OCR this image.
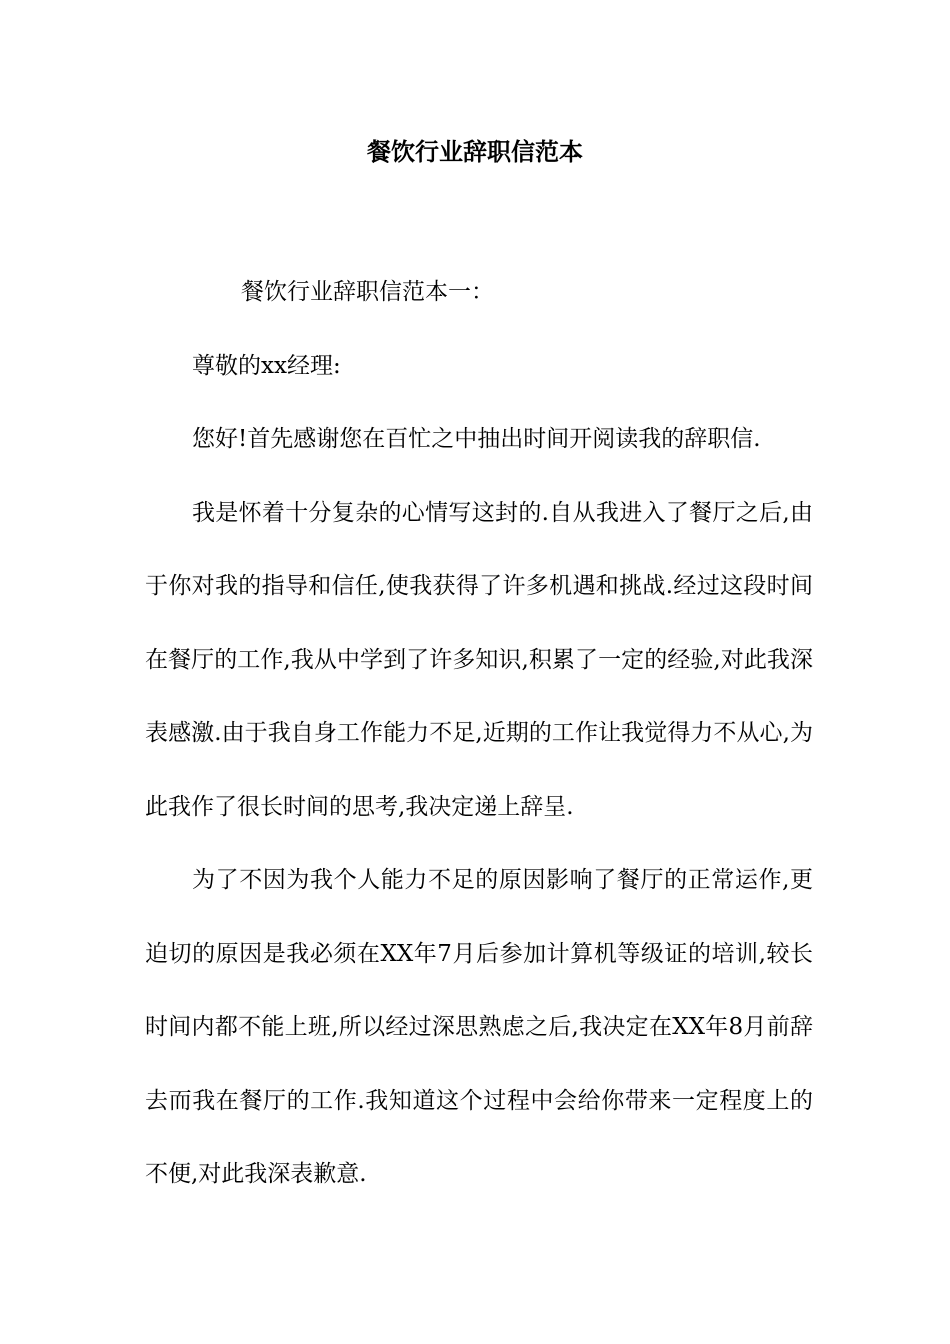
餐饮行业辞职信范本

餐饮行业辞职信范本一：

尊敬的xx经理:

您好!首先感谢您在百忙之中抽出时间开阅读我的辞职信.

我是怀着十分复杂的心情写这封的.自从我进入了餐厅之后,由于你对我的指导和信任,使我获得了许多机遇和挑战.经过这段时间在餐厅的工作,我从中学到了许多知识,积累了一定的经验,对此我深表感激.由于我自身工作能力不足,近期的工作让我觉得力不从心,为此我作了很长时间的思考,我决定递上辞呈.

为了不因为我个人能力不足的原因影响了餐厅的正常运作,更迫切的原因是我必须在XX年7月后参加计算机等级证的培训,较长时间内都不能上班,所以经过深思熟虑之后,我决定在XX年8月前辞去而我在餐厅的工作.我知道这个过程中会给你带来一定程度上的不便,对此我深表歉意.
